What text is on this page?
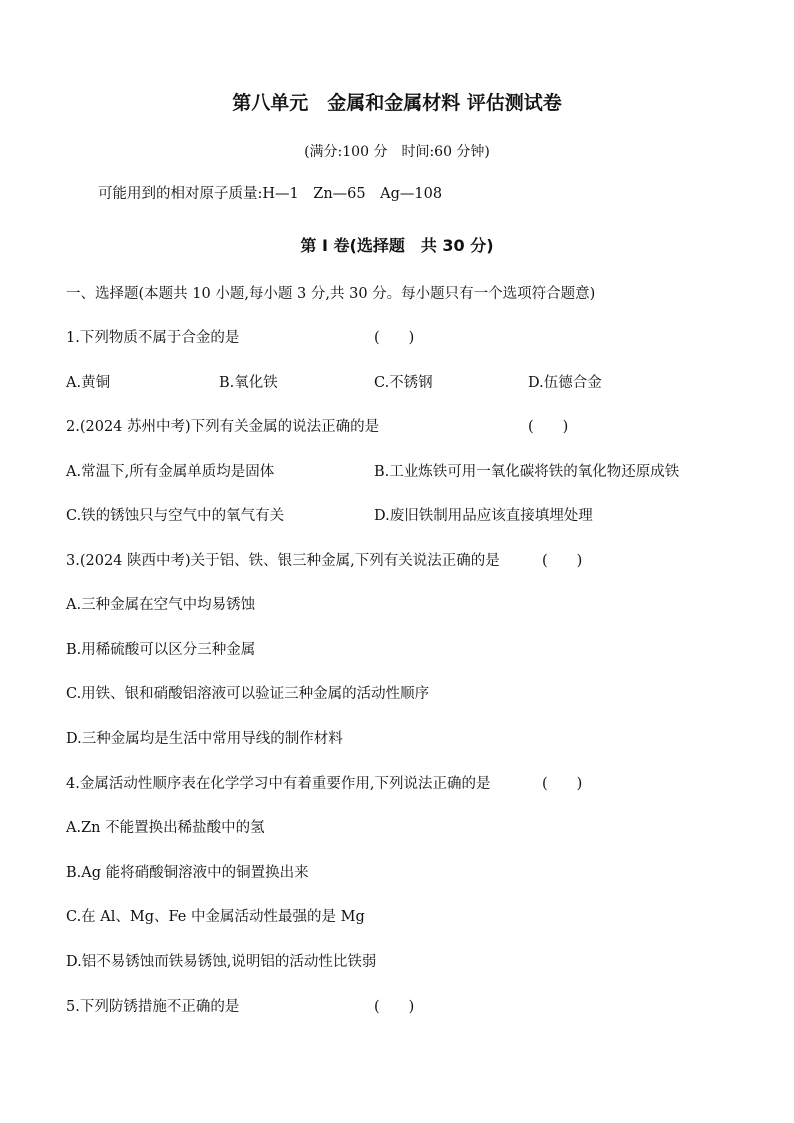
第八单元　金属和金属材料 评估测试卷
(满分:100 分　时间:60 分钟)
可能用到的相对原子质量:H—1　Zn—65　Ag—108
第 I 卷(选择题　共 30 分)
一、选择题(本题共 10 小题,每小题 3 分,共 30 分。每小题只有一个选项符合题意)
1.下列物质不属于合金的是	(　　)
A.黄铜	B.氧化铁	C.不锈钢	D.伍德合金
2.(2024 苏州中考)下列有关金属的说法正确的是	(　　)
A.常温下,所有金属单质均是固体	B.工业炼铁可用一氧化碳将铁的氧化物还原成铁
C.铁的锈蚀只与空气中的氧气有关	D.废旧铁制用品应该直接填埋处理
3.(2024 陕西中考)关于铝、铁、银三种金属,下列有关说法正确的是	(　　)
A.三种金属在空气中均易锈蚀
B.用稀硫酸可以区分三种金属
C.用铁、银和硝酸铝溶液可以验证三种金属的活动性顺序
D.三种金属均是生活中常用导线的制作材料
4.金属活动性顺序表在化学学习中有着重要作用,下列说法正确的是	(　　)
A.Zn 不能置换出稀盐酸中的氢
B.Ag 能将硝酸铜溶液中的铜置换出来
C.在 Al、Mg、Fe 中金属活动性最强的是 Mg
D.铝不易锈蚀而铁易锈蚀,说明铝的活动性比铁弱
5.下列防锈措施不正确的是	(　　)
